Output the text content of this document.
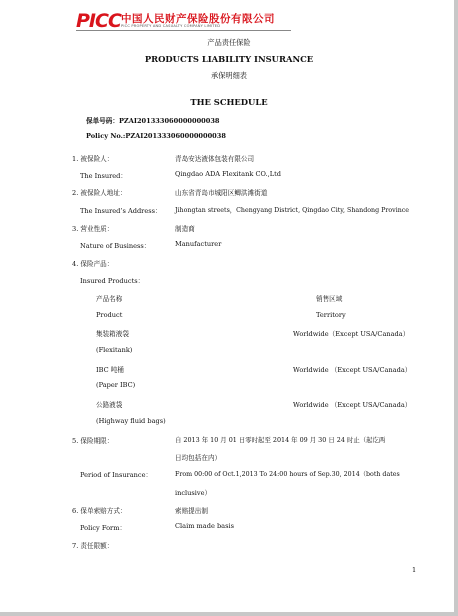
PICC 中国人民财产保险股份有限公司
PICC PROPERTY AND CASUALTY COMPANY LIMITED
产品责任保险
PRODUCTS LIABILITY INSURANCE
承保明细表
THE SCHEDULE
保单号码：PZAI201333060000000038
Policy No.:PZAI201333060000000038
1. 被保险人：	青岛安达液体包装有限公司
The Insured：	Qingdao ADA Flexitank CO.,Ltd
2. 被保险人地址：	山东省青岛市城阳区鲫洪滩街道
The Insured’s Address： Jihongtan streets，Chengyang District, Qingdao City, Shandong Province
3. 营业性质：	制造商
Nature of Business：	Manufacturer
4. 保险产品：
Insured Products：
产品名称	销售区域
Product	Territory
集装箱液袋	Worldwide（Except USA/Canada）
(Flexitank)
IBC 吨桶	Worldwide （Except USA/Canada）
(Paper IBC)
公路液袋	Worldwide （Except USA/Canada）
(Highway fluid bags)
5. 保险期限：	自 2013 年 10 月 01 日零时起至 2014 年 09 月 30 日 24 时止（起讫两
日均包括在内）
Period of Insurance：	From 00:00 of Oct.1,2013 To 24:00 hours of Sep.30, 2014（both dates
inclusive）
6. 保单索赔方式：	索赔提出制
Policy Form：	Claim made basis
7. 责任限额：
1
